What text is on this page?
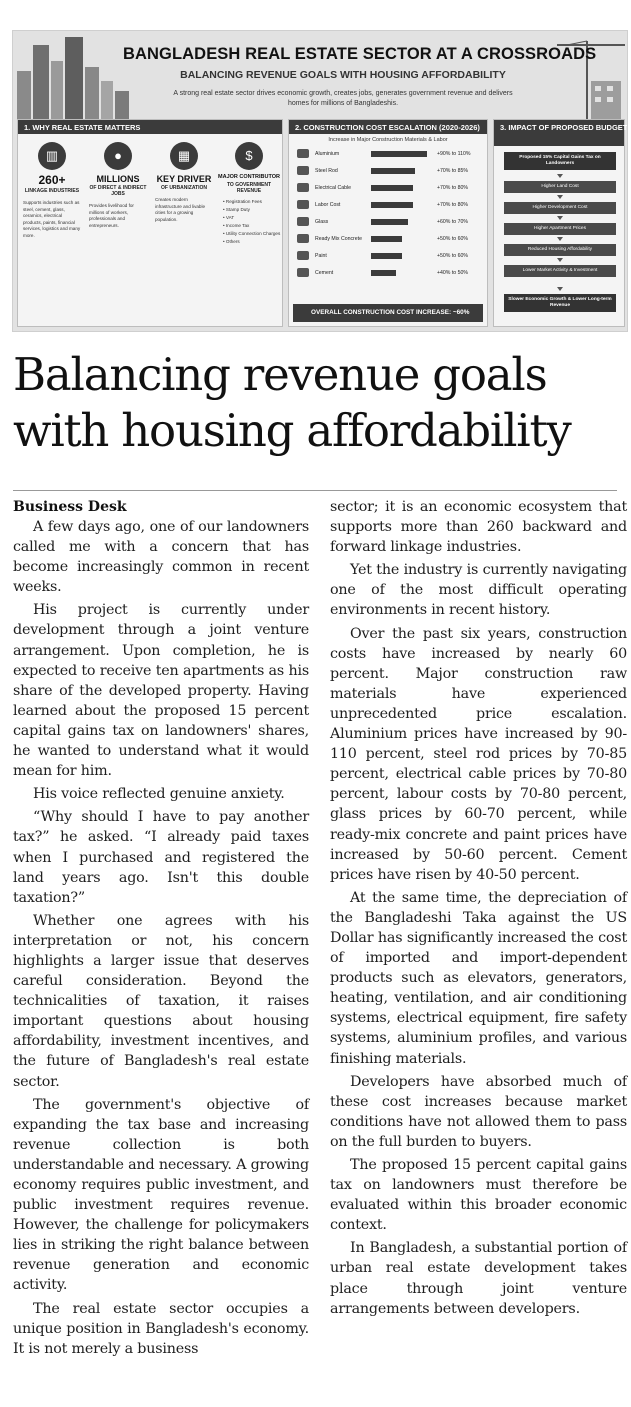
BANGLADESH REAL ESTATE SECTOR AT A CROSSROADS
BALANCING REVENUE GOALS WITH HOUSING AFFORDABILITY
A strong real estate sector drives economic growth, creates jobs, generates government revenue and delivers homes for millions of Bangladeshis.
1. WHY REAL ESTATE MATTERS
▥
260+
LINKAGE INDUSTRIES
Supports industries such as steel, cement, glass, ceramics, electrical products, paints, financial services, logistics and many more.
●
MILLIONS
OF DIRECT & INDIRECT JOBS
Provides livelihood for millions of workers, professionals and entrepreneurs.
▦
KEY DRIVER
OF URBANIZATION
Creates modern infrastructure and livable cities for a growing population.
$
MAJOR CONTRIBUTOR
TO GOVERNMENT REVENUE
• Registration Fees
• Stamp Duty
• VAT
• Income Tax
• Utility Connection Charges
• Others
2. CONSTRUCTION COST ESCALATION (2020-2026)
Increase in Major Construction Materials & Labor
Aluminium	+90% to 110%
Steel Rod	+70% to 85%
Electrical Cable	+70% to 80%
Labor Cost	+70% to 80%
Glass	+60% to 70%
Ready Mix Concrete	+50% to 60%
Paint	+50% to 60%
Cement	+40% to 50%
OVERALL CONSTRUCTION COST INCREASE: ~60%
3. IMPACT OF PROPOSED BUDGET
Proposed 15% Capital Gains Tax on Landowners
Higher Land Cost
Higher Development Cost
Higher Apartment Prices
Reduced Housing Affordability
Lower Market Activity & Investment
Slower Economic Growth & Lower Long-term Revenue
Balancing revenue goals with housing affordability
Business Desk

A few days ago, one of our landowners called me with a concern that has become increasingly common in recent weeks.

His project is currently under development through a joint venture arrangement. Upon completion, he is expected to receive ten apartments as his share of the developed property. Having learned about the proposed 15 percent capital gains tax on landowners' shares, he wanted to understand what it would mean for him.

His voice reflected genuine anxiety.

“Why should I have to pay another tax?” he asked. “I already paid taxes when I purchased and registered the land years ago. Isn't this double taxation?”

Whether one agrees with his interpretation or not, his concern highlights a larger issue that deserves careful consideration. Beyond the technicalities of taxation, it raises important questions about housing affordability, investment incentives, and the future of Bangladesh's real estate sector.

The government's objective of expanding the tax base and increasing revenue collection is both understandable and necessary. A growing economy requires public investment, and public investment requires revenue. However, the challenge for policymakers lies in striking the right balance between revenue generation and economic activity.

The real estate sector occupies a unique position in Bangladesh's economy. It is not merely a business

sector; it is an economic ecosystem that supports more than 260 backward and forward linkage industries.

Yet the industry is currently navigating one of the most difficult operating environments in recent history.

Over the past six years, construction costs have increased by nearly 60 percent. Major construction raw materials have experienced unprecedented price escalation. Aluminium prices have increased by 90-110 percent, steel rod prices by 70-85 percent, electrical cable prices by 70-80 percent, labour costs by 70-80 percent, glass prices by 60-70 percent, while ready-mix concrete and paint prices have increased by 50-60 percent. Cement prices have risen by 40-50 percent.

At the same time, the depreciation of the Bangladeshi Taka against the US Dollar has significantly increased the cost of imported and import-dependent products such as elevators, generators, heating, ventilation, and air conditioning systems, electrical equipment, fire safety systems, aluminium profiles, and various finishing materials.

Developers have absorbed much of these cost increases because market conditions have not allowed them to pass on the full burden to buyers.

The proposed 15 percent capital gains tax on landowners must therefore be evaluated within this broader economic context.

In Bangladesh, a substantial portion of urban real estate development takes place through joint venture arrangements between developers.
